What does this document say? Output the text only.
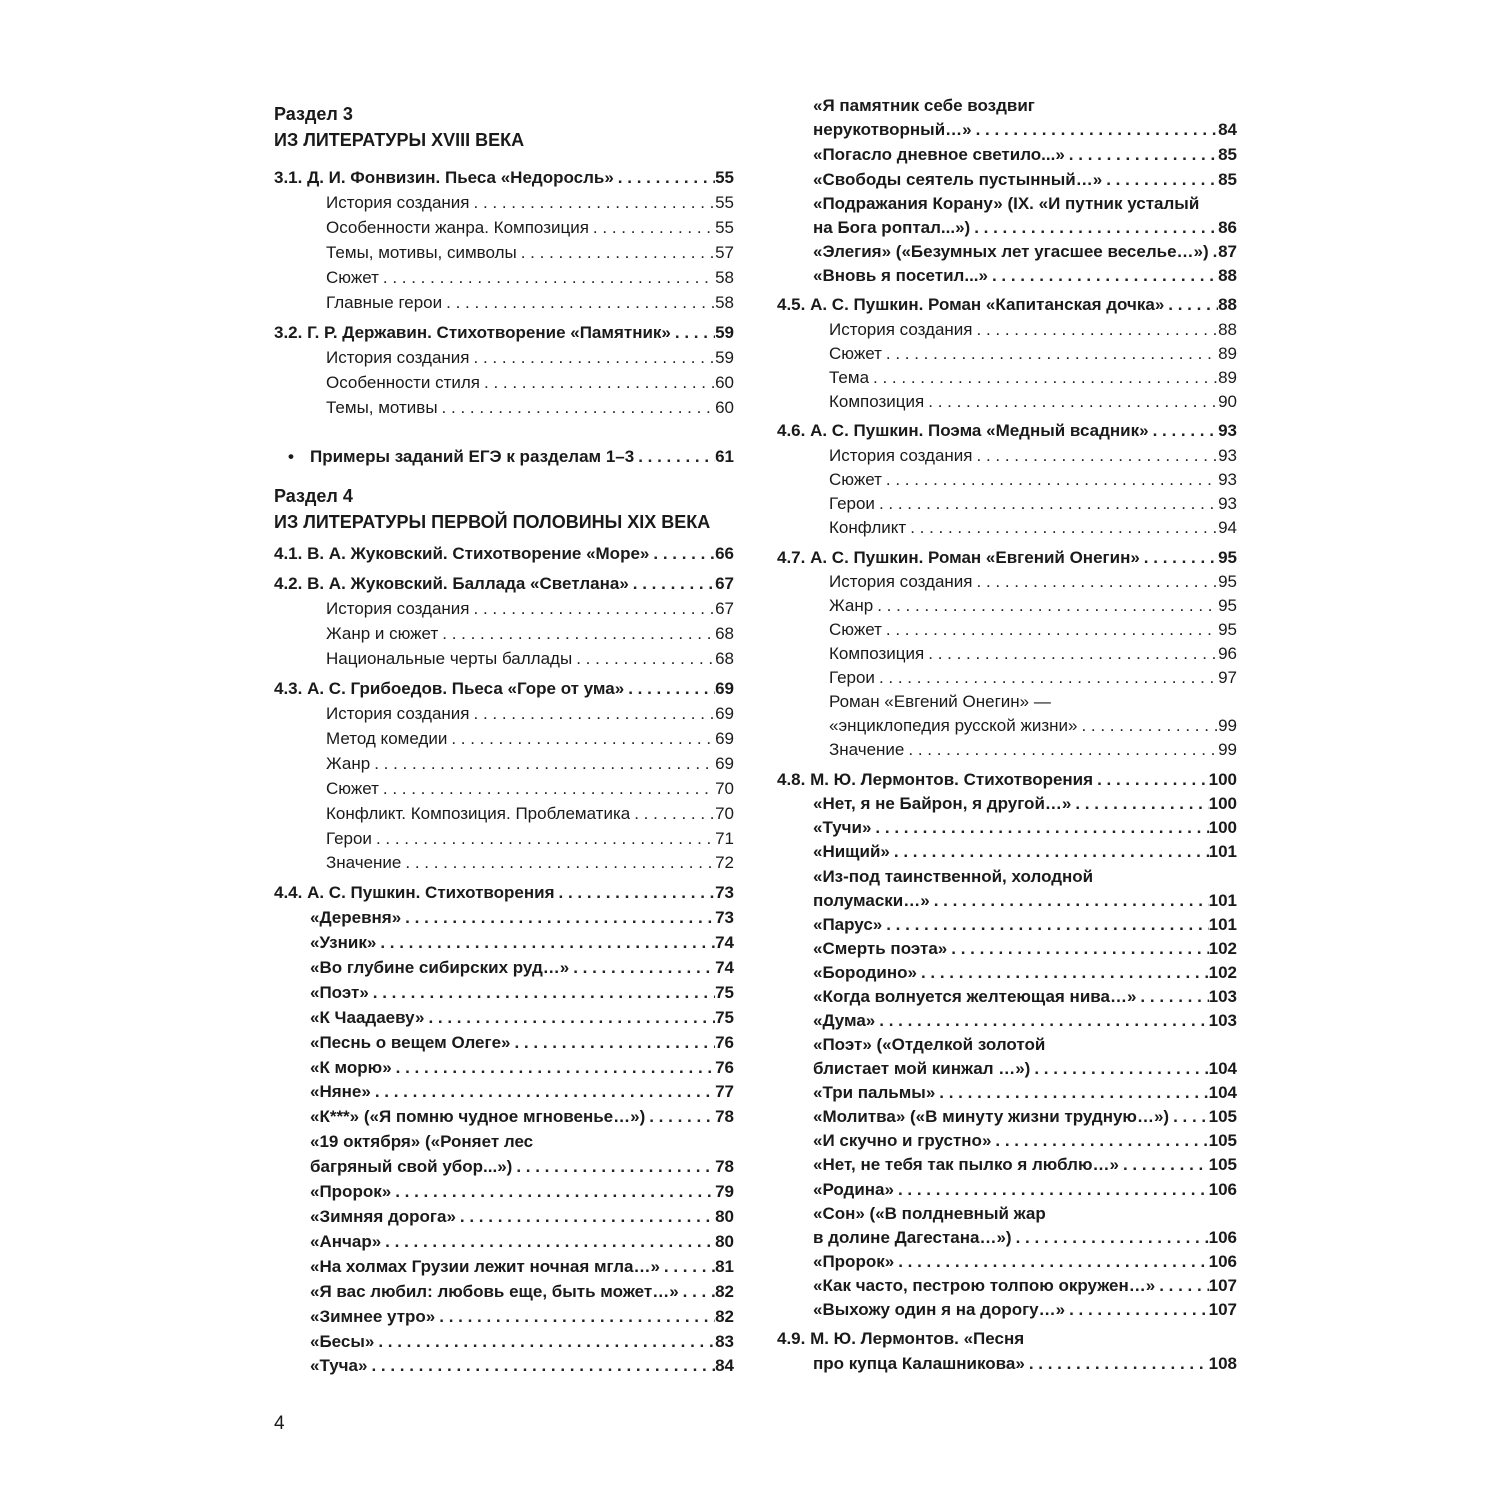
Раздел 3
ИЗ ЛИТЕРАТУРЫ XVIII ВЕКА
3.1. Д. И. Фонвизин. Пьеса «Недоросль» . . .	55
История создания . . .	55
Особенности жанра. Композиция . . .	55
Темы, мотивы, символы . . .	57
Сюжет . . .	58
Главные герои . . .	58
3.2. Г. Р. Державин. Стихотворение «Памятник» . . .	59
История создания . . .	59
Особенности стиля . . .	60
Темы, мотивы . . .	60
• Примеры заданий ЕГЭ к разделам 1–3 . . .	61
Раздел 4
ИЗ ЛИТЕРАТУРЫ ПЕРВОЙ ПОЛОВИНЫ XIX ВЕКА
4.1. В. А. Жуковский. Стихотворение «Море» . . .	66
4.2. В. А. Жуковский. Баллада «Светлана» . . .	67
История создания . . .	67
Жанр и сюжет . . .	68
Национальные черты баллады . . .	68
4.3. А. С. Грибоедов. Пьеса «Горе от ума» . . .	69
История создания . . .	69
Метод комедии . . .	69
Жанр . . .	69
Сюжет . . .	70
Конфликт. Композиция. Проблематика . . .	70
Герои . . .	71
Значение . . .	72
4.4. А. С. Пушкин. Стихотворения . . .	73
«Деревня» . . .	73
«Узник» . . .	74
«Во глубине сибирских руд…» . . .	74
«Поэт» . . .	75
«К Чаадаеву» . . .	75
«Песнь о вещем Олеге» . . .	76
«К морю» . . .	76
«Няне» . . .	77
«К***» («Я помню чудное мгновенье…») . . .	78
«19 октября» («Роняет лес
багряный свой убор...») . . .	78
«Пророк» . . .	79
«Зимняя дорога» . . .	80
«Анчар» . . .	80
«На холмах Грузии лежит ночная мгла…» . . .	81
«Я вас любил: любовь еще, быть может…» . . . 82
«Зимнее утро» . . .	82
«Бесы» . . .	83
«Туча» . . .	84
«Я памятник себе воздвиг
нерукотворный…» . . .	84
«Погасло дневное светило...» . . .	85
«Свободы сеятель пустынный…» . . .	85
«Подражания Корану» (IX. «И путник усталый
на Бога роптал...») . . .	86
«Элегия» («Безумных лет угасшее веселье…») . . . 87
«Вновь я посетил...» . . .	88
4.5. А. С. Пушкин. Роман «Капитанская дочка» . . .	88
История создания . . .	88
Сюжет . . .	89
Тема . . .	89
Композиция . . .	90
4.6. А. С. Пушкин. Поэма «Медный всадник» . . .	93
История создания . . .	93
Сюжет . . .	93
Герои . . .	93
Конфликт . . .	94
4.7. А. С. Пушкин. Роман «Евгений Онегин» . . .	95
История создания . . .	95
Жанр . . .	95
Сюжет . . .	95
Композиция . . .	96
Герои . . .	97
Роман «Евгений Онегин» —
«энциклопедия русской жизни» . . .	99
Значение . . .	99
4.8. М. Ю. Лермонтов. Стихотворения . . .	100
«Нет, я не Байрон, я другой…» . . .	100
«Тучи» . . .	100
«Нищий» . . .	101
«Из-под таинственной, холодной
полумаски…» . . .	101
«Парус» . . .	101
«Смерть поэта» . . .	102
«Бородино» . . .	102
«Когда волнуется желтеющая нива…» . . .	103
«Дума» . . .	103
«Поэт» («Отделкой золотой
блистает мой кинжал …») . . .	104
«Три пальмы» . . .	104
«Молитва» («В минуту жизни трудную…») . . . 105
«И скучно и грустно» . . .	105
«Нет, не тебя так пылко я люблю…» . . .	105
«Родина» . . .	106
«Сон» («В полдневный жар
в долине Дагестана…») . . .	106
«Пророк» . . .	106
«Как часто, пестрою толпою окружен…» . . .	107
«Выхожу один я на дорогу…» . . .	107
4.9. М. Ю. Лермонтов. «Песня
про купца Калашникова» . . .	108
4
